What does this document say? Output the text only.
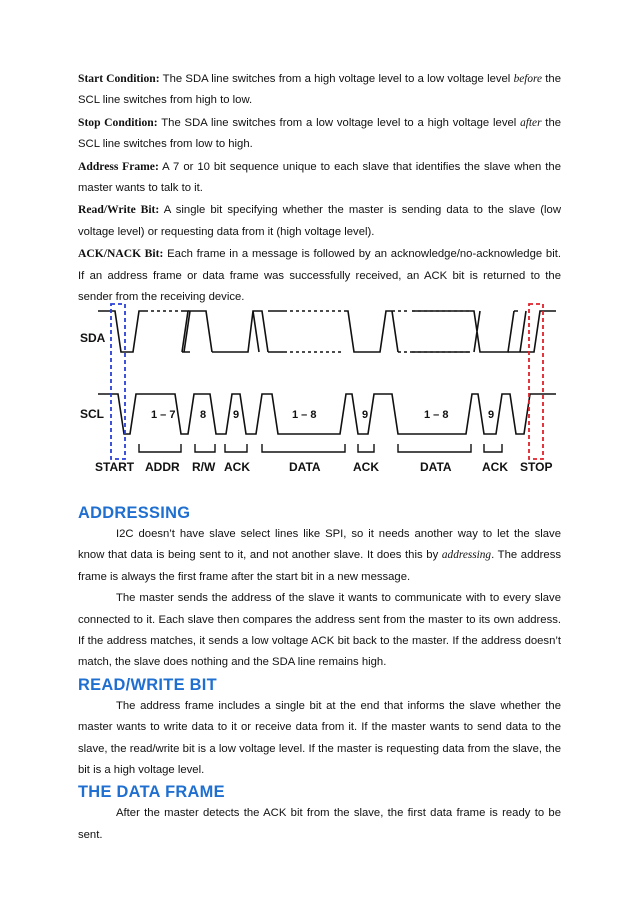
Start Condition: The SDA line switches from a high voltage level to a low voltage level before the SCL line switches from high to low.

Stop Condition: The SDA line switches from a low voltage level to a high voltage level after the SCL line switches from low to high.

Address Frame: A 7 or 10 bit sequence unique to each slave that identifies the slave when the master wants to talk to it.

Read/Write Bit: A single bit specifying whether the master is sending data to the slave (low voltage level) or requesting data from it (high voltage level).

ACK/NACK Bit: Each frame in a message is followed by an acknowledge/no-acknowledge bit. If an address frame or data frame was successfully received, an ACK bit is returned to the sender from the receiving device.

SDA
SCL	1 – 7 8 9	1 – 8	9	1 – 8	9
START ADDR R/W ACK	DATA	ACK	DATA	ACK STOP
ADDRESSING

I2C doesn’t have slave select lines like SPI, so it needs another way to let the slave know that data is being sent to it, and not another slave. It does this by addressing. The address frame is always the first frame after the start bit in a new message.

The master sends the address of the slave it wants to communicate with to every slave connected to it. Each slave then compares the address sent from the master to its own address. If the address matches, it sends a low voltage ACK bit back to the master. If the address doesn’t match, the slave does nothing and the SDA line remains high.

READ/WRITE BIT

The address frame includes a single bit at the end that informs the slave whether the master wants to write data to it or receive data from it. If the master wants to send data to the slave, the read/write bit is a low voltage level. If the master is requesting data from the slave, the bit is a high voltage level.

THE DATA FRAME

After the master detects the ACK bit from the slave, the first data frame is ready to be sent.
